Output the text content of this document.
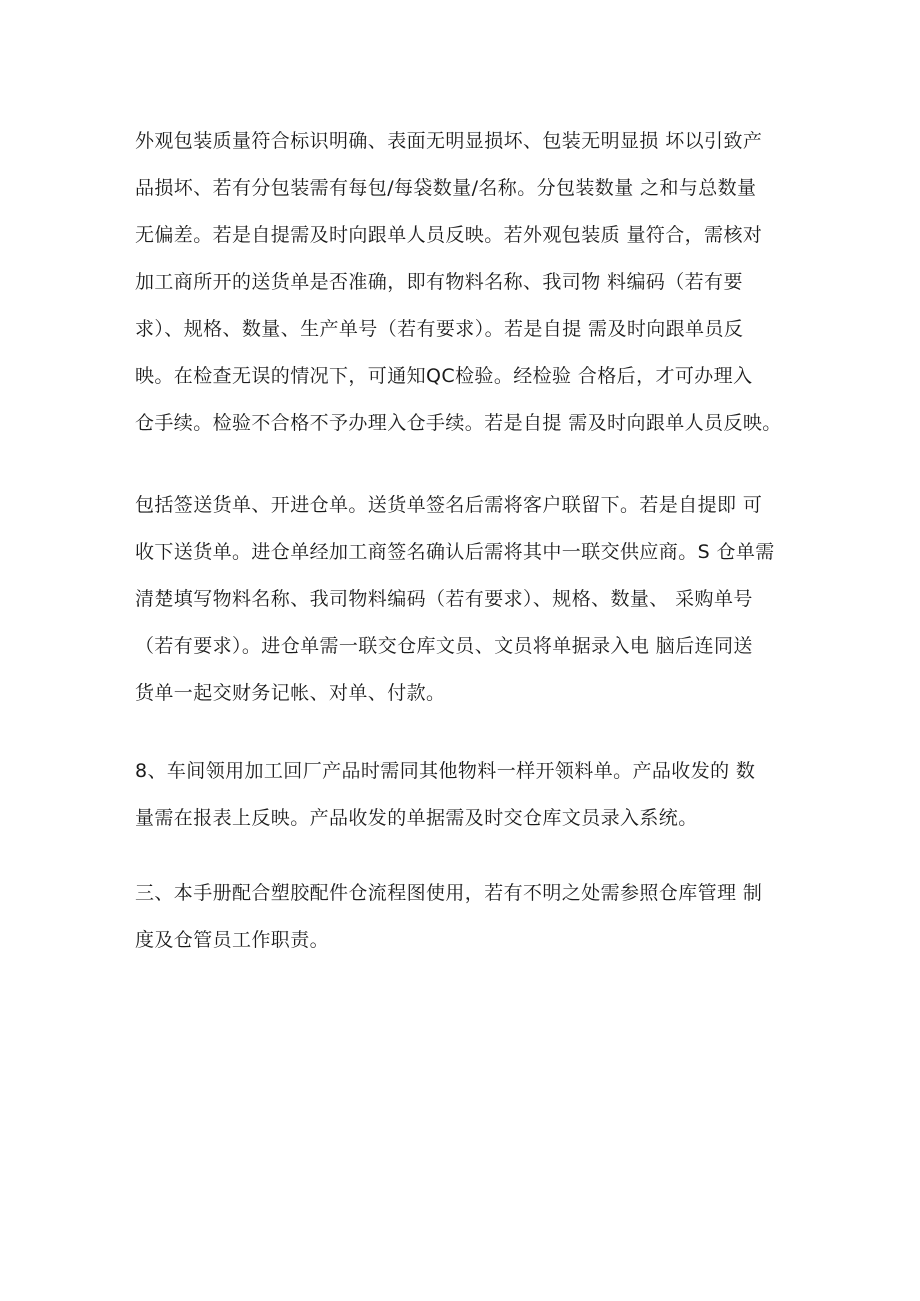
外观包装质量符合标识明确、表面无明显损坏、包装无明显损 坏以引致产
品损坏、若有分包装需有每包/每袋数量/名称。分包装数量 之和与总数量
无偏差。若是自提需及时向跟单人员反映。若外观包装质 量符合，需核对
加工商所开的送货单是否准确，即有物料名称、我司物 料编码（若有要
求）、规格、数量、生产单号（若有要求）。若是自提 需及时向跟单员反
映。在检查无误的情况下，可通知QC检验。经检验 合格后，才可办理入
仓手续。检验不合格不予办理入仓手续。若是自提 需及时向跟单人员反映。
包括签送货单、开进仓单。送货单签名后需将客户联留下。若是自提即 可
收下送货单。进仓单经加工商签名确认后需将其中一联交供应商。S 仓单需
清楚填写物料名称、我司物料编码（若有要求）、规格、数量、 采购单号
（若有要求）。进仓单需一联交仓库文员、文员将单据录入电 脑后连同送
货单一起交财务记帐、对单、付款。
8、车间领用加工回厂产品时需同其他物料一样开领料单。产品收发的 数
量需在报表上反映。产品收发的单据需及时交仓库文员录入系统。
三、本手册配合塑胶配件仓流程图使用，若有不明之处需参照仓库管理 制
度及仓管员工作职责。
